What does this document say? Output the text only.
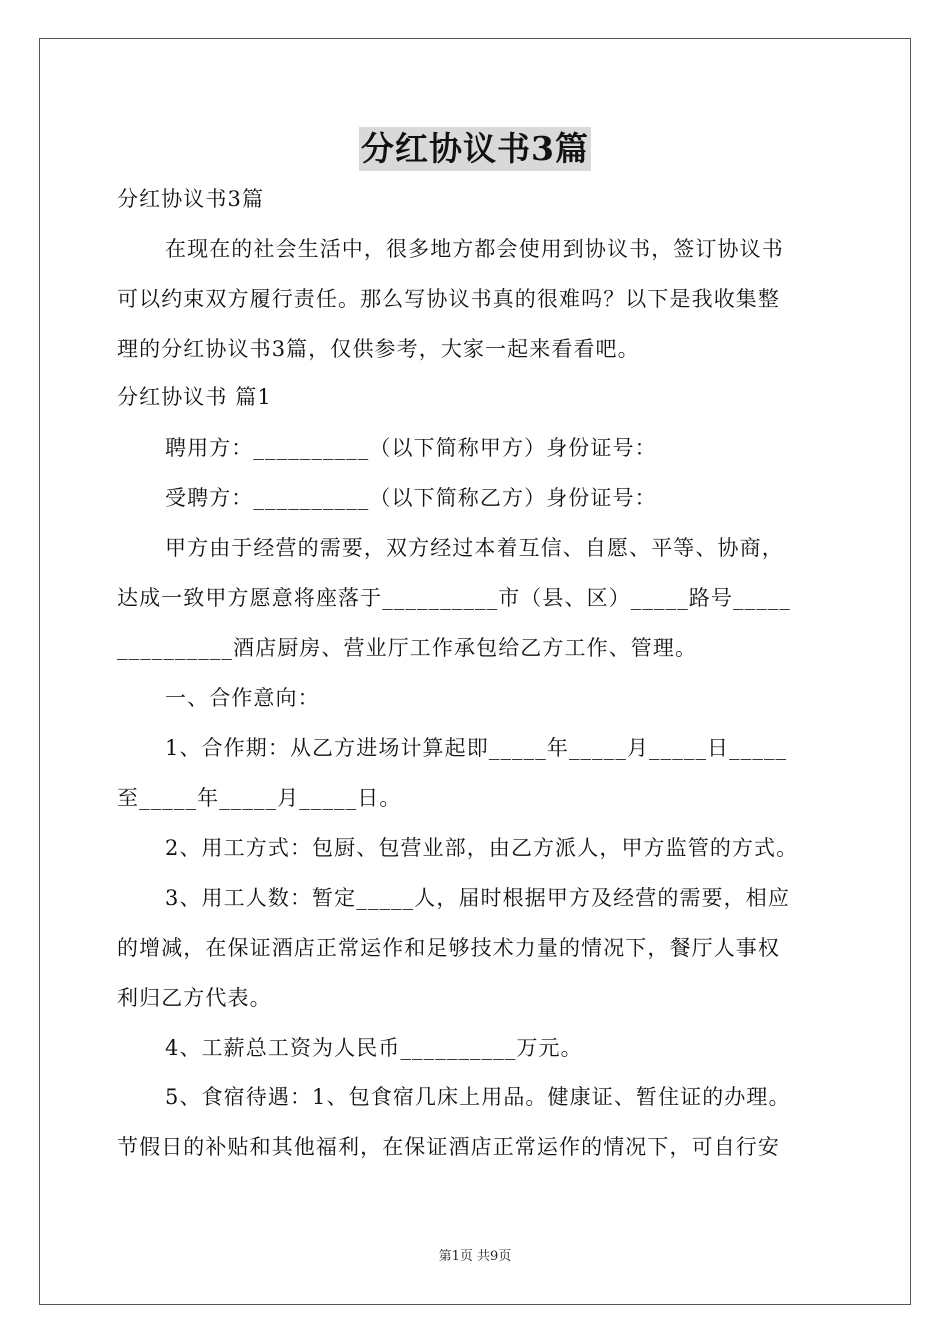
分红协议书3篇
分红协议书3篇
在现在的社会生活中，很多地方都会使用到协议书，签订协议书
可以约束双方履行责任。那么写协议书真的很难吗？以下是我收集整
理的分红协议书3篇，仅供参考，大家一起来看看吧。
分红协议书 篇1
聘用方：__________（以下简称甲方）身份证号：
受聘方：__________（以下简称乙方）身份证号：
甲方由于经营的需要，双方经过本着互信、自愿、平等、协商，
达成一致甲方愿意将座落于__________市（县、区）_____路号_____
__________酒店厨房、营业厅工作承包给乙方工作、管理。
一、合作意向：
1、合作期：从乙方进场计算起即_____年_____月_____日_____
至_____年_____月_____日。
2、用工方式：包厨、包营业部，由乙方派人，甲方监管的方式。
3、用工人数：暂定_____人，届时根据甲方及经营的需要，相应
的增减，在保证酒店正常运作和足够技术力量的情况下，餐厅人事权
利归乙方代表。
4、工薪总工资为人民币__________万元。
5、食宿待遇：1、包食宿几床上用品。健康证、暂住证的办理。
节假日的补贴和其他福利，在保证酒店正常运作的情况下，可自行安
第1页 共9页
